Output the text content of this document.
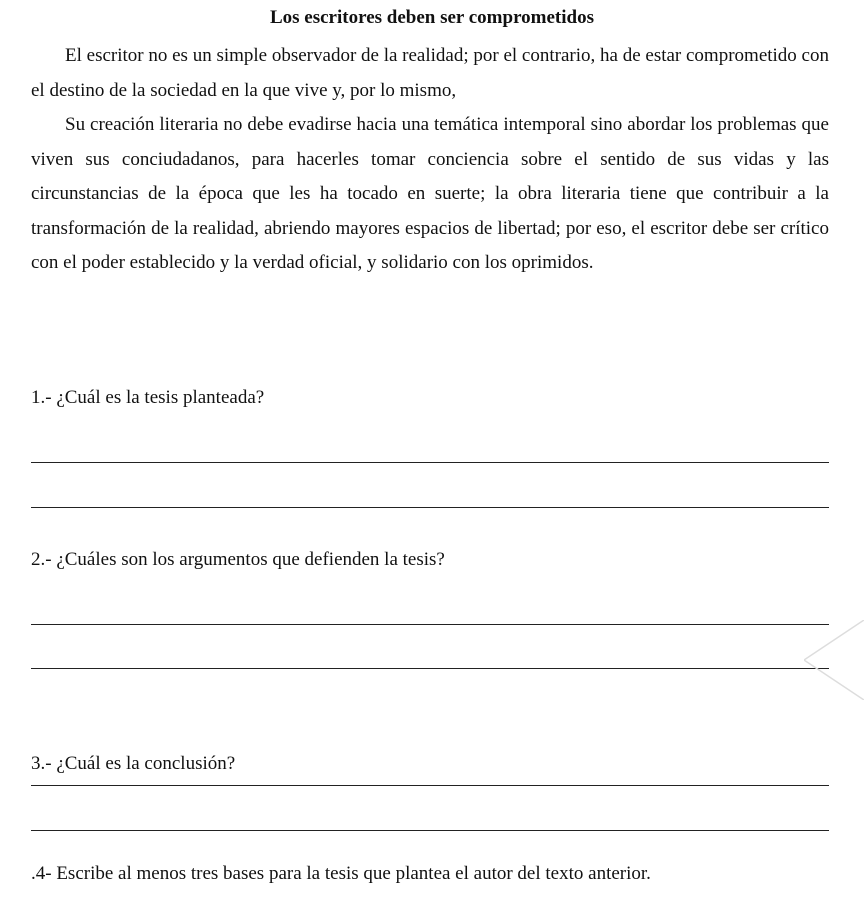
Los escritores deben ser comprometidos

El escritor no es un simple observador de la realidad; por el contrario, ha de estar comprometido con el destino de la sociedad en la que vive y, por lo mismo,

Su creación literaria no debe evadirse hacia una temática intemporal sino abordar los problemas que viven sus conciudadanos, para hacerles tomar conciencia sobre el sentido de sus vidas y las circunstancias de la época que les ha tocado en suerte; la obra literaria tiene que contribuir a la transformación de la realidad, abriendo mayores espacios de libertad; por eso, el escritor debe ser crítico con el poder establecido y la verdad oficial, y solidario con los oprimidos.

1.- ¿Cuál es la tesis planteada?
2.- ¿Cuáles son los argumentos que defienden la tesis?
3.- ¿Cuál es la conclusión?
.4- Escribe al menos tres bases para la tesis que plantea el autor del texto anterior.
